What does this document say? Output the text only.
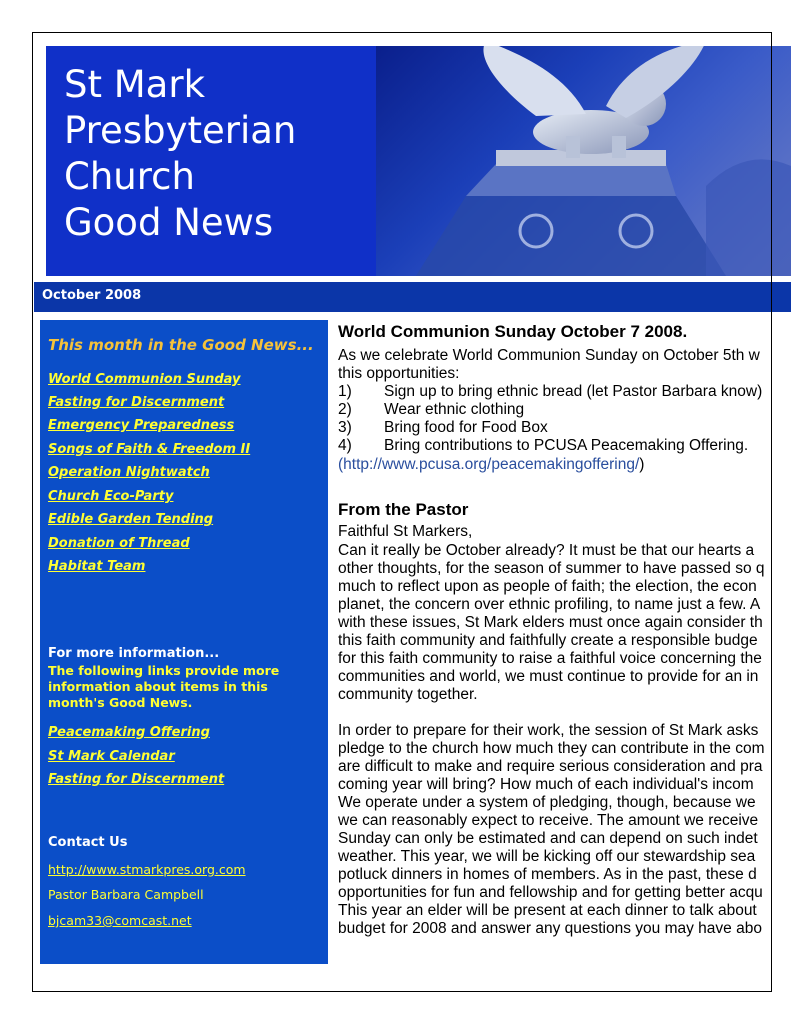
St Mark
Presbyterian
Church
Good News
October 2008
This month in the Good News...
World Communion Sunday
Fasting for Discernment
Emergency Preparedness
Songs of Faith & Freedom II
Operation Nightwatch
Church Eco-Party
Edible Garden Tending
Donation of Thread
Habitat Team
For more information...
The following links provide more information about items in this month's Good News.
Peacemaking Offering
St Mark Calendar
Fasting for Discernment
Contact Us
http://www.stmarkpres.org.com
Pastor Barbara Campbell
bjcam33@comcast.net
World Communion Sunday October 7 2008.
As we celebrate World Communion Sunday on October 5th w
this opportunities:
1) Sign up to bring ethnic bread (let Pastor Barbara know)
2) Wear ethnic clothing
3) Bring food for Food Box
4) Bring contributions to PCUSA Peacemaking Offering.
(http://www.pcusa.org/peacemakingoffering/)
From the Pastor
Faithful St Markers,
Can it really be October already? It must be that our hearts a
other thoughts, for the season of summer to have passed so q
much to reflect upon as people of faith; the election, the econ
planet, the concern over ethnic profiling, to name just a few. A
with these issues, St Mark elders must once again consider th
this faith community and faithfully create a responsible budge
for this faith community to raise a faithful voice concerning the
communities and world, we must continue to provide for an in
community together.
In order to prepare for their work, the session of St Mark asks
pledge to the church how much they can contribute in the com
are difficult to make and require serious consideration and pra
coming year will bring? How much of each individual's incom
We operate under a system of pledging, though, because we
we can reasonably expect to receive. The amount we receive
Sunday can only be estimated and can depend on such indet
weather. This year, we will be kicking off our stewardship sea
potluck dinners in homes of members. As in the past, these d
opportunities for fun and fellowship and for getting better acqu
This year an elder will be present at each dinner to talk about
budget for 2008 and answer any questions you may have abo
